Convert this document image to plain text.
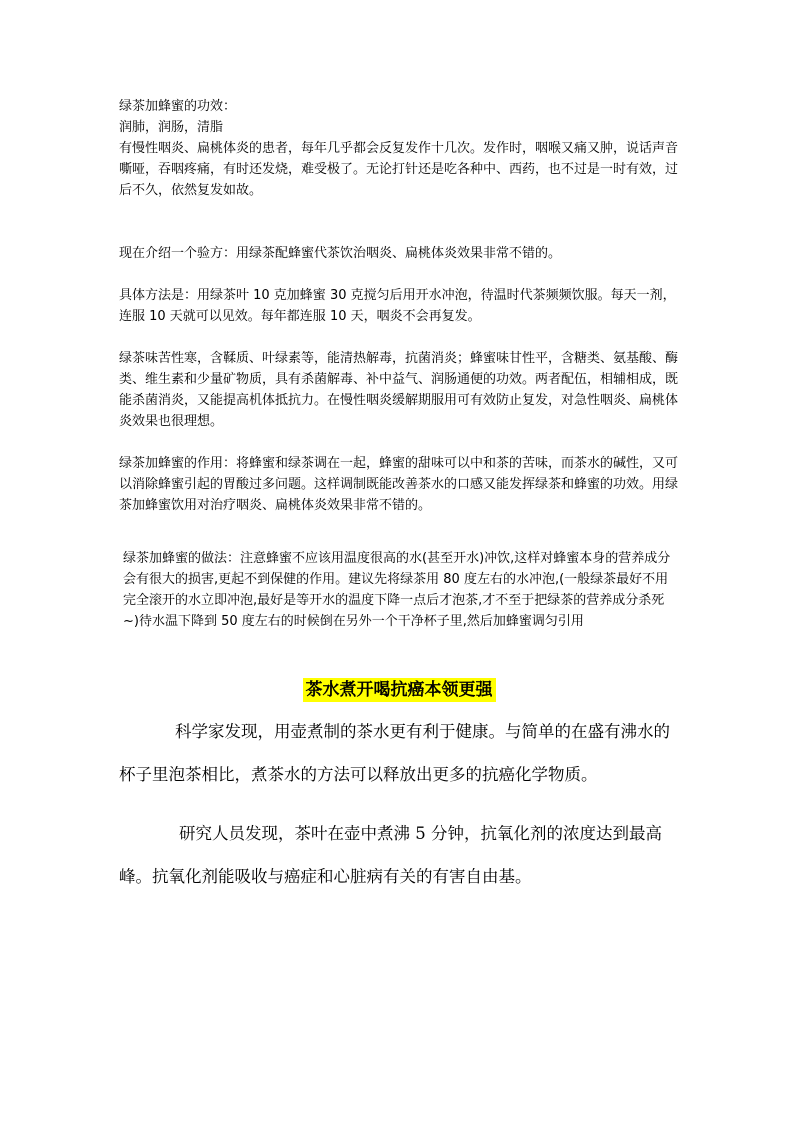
绿茶加蜂蜜的功效：

润肺，润肠，清脂

有慢性咽炎、扁桃体炎的患者，每年几乎都会反复发作十几次。发作时，咽喉又痛又肿，说话声音嘶哑，吞咽疼痛，有时还发烧，难受极了。无论打针还是吃各种中、西药，也不过是一时有效，过后不久，依然复发如故。

现在介绍一个验方：用绿茶配蜂蜜代茶饮治咽炎、扁桃体炎效果非常不错的。

具体方法是：用绿茶叶 10 克加蜂蜜 30 克搅匀后用开水冲泡，待温时代茶频频饮服。每天一剂，连服 10 天就可以见效。每年都连服 10 天，咽炎不会再复发。

绿茶味苦性寒，含鞣质、叶绿素等，能清热解毒，抗菌消炎；蜂蜜味甘性平，含糖类、氨基酸、酶类、维生素和少量矿物质，具有杀菌解毒、补中益气、润肠通便的功效。两者配伍，相辅相成，既能杀菌消炎，又能提高机体抵抗力。在慢性咽炎缓解期服用可有效防止复发，对急性咽炎、扁桃体炎效果也很理想。

绿茶加蜂蜜的作用：将蜂蜜和绿茶调在一起，蜂蜜的甜味可以中和茶的苦味，而茶水的碱性，又可以消除蜂蜜引起的胃酸过多问题。这样调制既能改善茶水的口感又能发挥绿茶和蜂蜜的功效。用绿茶加蜂蜜饮用对治疗咽炎、扁桃体炎效果非常不错的。

绿茶加蜂蜜的做法：注意蜂蜜不应该用温度很高的水(甚至开水)冲饮,这样对蜂蜜本身的营养成分会有很大的损害,更起不到保健的作用。建议先将绿茶用 80 度左右的水冲泡,(一般绿茶最好不用完全滚开的水立即冲泡,最好是等开水的温度下降一点后才泡茶,才不至于把绿茶的营养成分杀死~)待水温下降到 50 度左右的时候倒在另外一个干净杯子里,然后加蜂蜜调匀引用

茶水煮开喝抗癌本领更强

科学家发现，用壶煮制的茶水更有利于健康。与简单的在盛有沸水的杯子里泡茶相比，煮茶水的方法可以释放出更多的抗癌化学物质。

研究人员发现，茶叶在壶中煮沸 5 分钟，抗氧化剂的浓度达到最高峰。抗氧化剂能吸收与癌症和心脏病有关的有害自由基。
